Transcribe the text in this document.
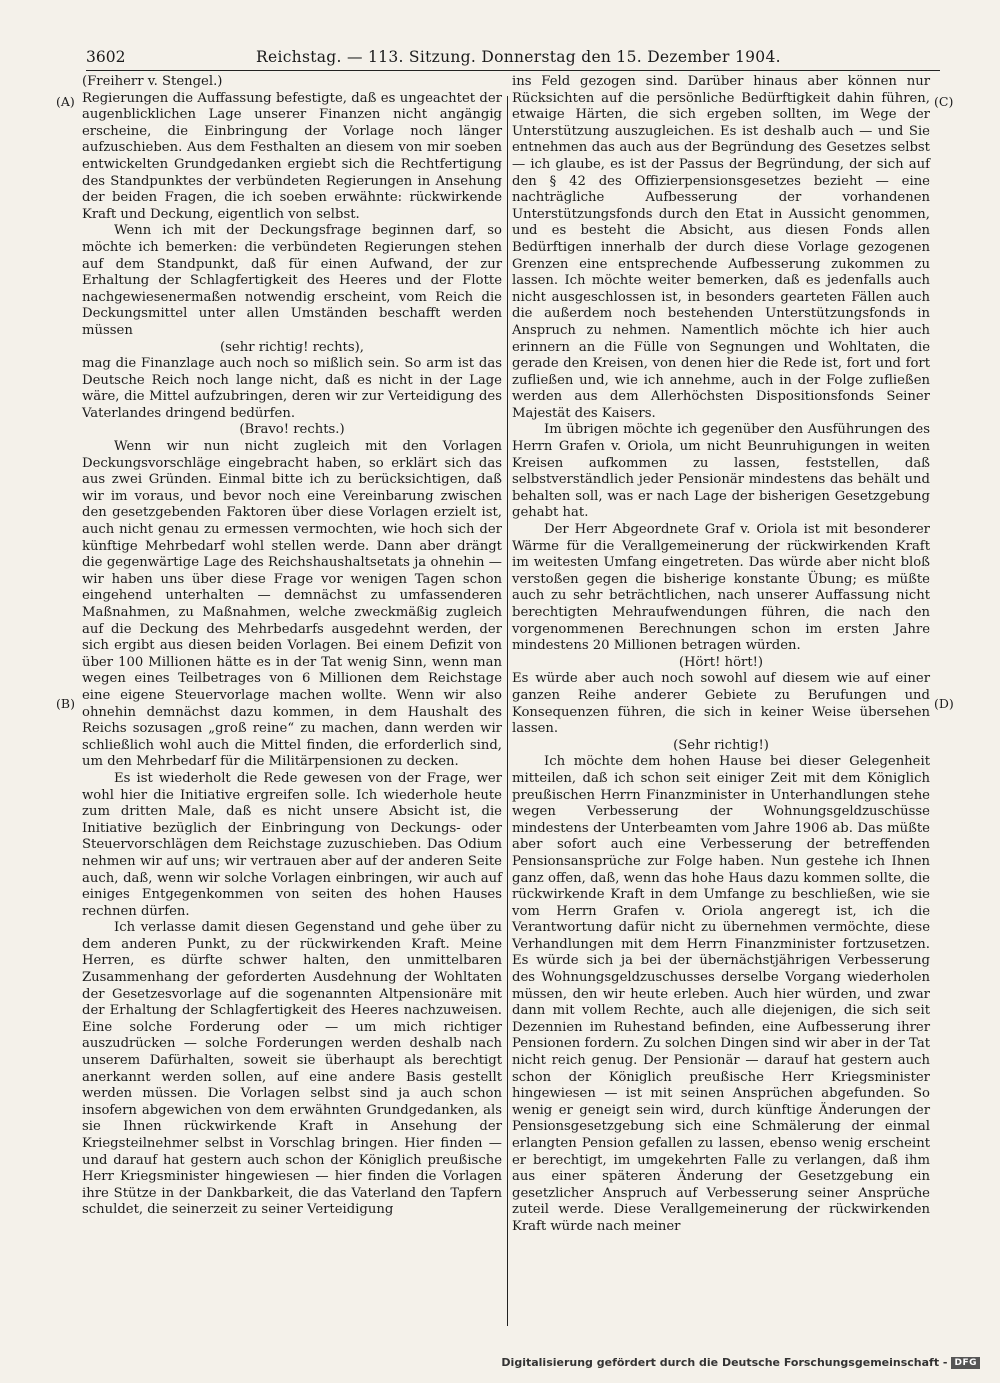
3602	Reichstag. — 113. Sitzung. Donnerstag den 15. Dezember 1904.
(A)
(B)
(C)
(D)

(Freiherr v. Stengel.)

Regierungen die Auffassung befestigte, daß es ungeachtet der augenblicklichen Lage unserer Finanzen nicht angängig erscheine, die Einbringung der Vorlage noch länger aufzuschieben. Aus dem Festhalten an diesem von mir soeben entwickelten Grundgedanken ergiebt sich die Rechtfertigung des Standpunktes der verbündeten Regierungen in Ansehung der beiden Fragen, die ich soeben erwähnte: rückwirkende Kraft und Deckung, eigentlich von selbst.

Wenn ich mit der Deckungsfrage beginnen darf, so möchte ich bemerken: die verbündeten Regierungen stehen auf dem Standpunkt, daß für einen Aufwand, der zur Erhaltung der Schlagfertigkeit des Heeres und der Flotte nachgewiesenermaßen notwendig erscheint, vom Reich die Deckungsmittel unter allen Umständen beschafft werden müssen

(sehr richtig! rechts),

mag die Finanzlage auch noch so mißlich sein. So arm ist das Deutsche Reich noch lange nicht, daß es nicht in der Lage wäre, die Mittel aufzubringen, deren wir zur Verteidigung des Vaterlandes dringend bedürfen.

(Bravo! rechts.)

Wenn wir nun nicht zugleich mit den Vorlagen Deckungsvorschläge eingebracht haben, so erklärt sich das aus zwei Gründen. Einmal bitte ich zu berücksichtigen, daß wir im voraus, und bevor noch eine Vereinbarung zwischen den gesetzgebenden Faktoren über diese Vorlagen erzielt ist, auch nicht genau zu ermessen vermochten, wie hoch sich der künftige Mehrbedarf wohl stellen werde. Dann aber drängt die gegenwärtige Lage des Reichshaushaltsetats ja ohnehin — wir haben uns über diese Frage vor wenigen Tagen schon eingehend unterhalten — demnächst zu umfassenderen Maßnahmen, zu Maßnahmen, welche zweckmäßig zugleich auf die Deckung des Mehrbedarfs ausgedehnt werden, der sich ergibt aus diesen beiden Vorlagen. Bei einem Defizit von über 100 Millionen hätte es in der Tat wenig Sinn, wenn man wegen eines Teilbetrages von 6 Millionen dem Reichstage eine eigene Steuervorlage machen wollte. Wenn wir also ohnehin demnächst dazu kommen, in dem Haushalt des Reichs sozusagen „groß reine“ zu machen, dann werden wir schließlich wohl auch die Mittel finden, die erforderlich sind, um den Mehrbedarf für die Militärpensionen zu decken.

Es ist wiederholt die Rede gewesen von der Frage, wer wohl hier die Initiative ergreifen solle. Ich wiederhole heute zum dritten Male, daß es nicht unsere Absicht ist, die Initiative bezüglich der Einbringung von Deckungs- oder Steuervorschlägen dem Reichstage zuzuschieben. Das Odium nehmen wir auf uns; wir vertrauen aber auf der anderen Seite auch, daß, wenn wir solche Vorlagen einbringen, wir auch auf einiges Entgegenkommen von seiten des hohen Hauses rechnen dürfen.

Ich verlasse damit diesen Gegenstand und gehe über zu dem anderen Punkt, zu der rückwirkenden Kraft. Meine Herren, es dürfte schwer halten, den unmittelbaren Zusammenhang der geforderten Ausdehnung der Wohltaten der Gesetzesvorlage auf die sogenannten Altpensionäre mit der Erhaltung der Schlagfertigkeit des Heeres nachzuweisen. Eine solche Forderung oder — um mich richtiger auszudrücken — solche Forderungen werden deshalb nach unserem Dafürhalten, soweit sie überhaupt als berechtigt anerkannt werden sollen, auf eine andere Basis gestellt werden müssen. Die Vorlagen selbst sind ja auch schon insofern abgewichen von dem erwähnten Grundgedanken, als sie Ihnen rückwirkende Kraft in Ansehung der Kriegsteilnehmer selbst in Vorschlag bringen. Hier finden — und darauf hat gestern auch schon der Königlich preußische Herr Kriegsminister hingewiesen — hier finden die Vorlagen ihre Stütze in der Dankbarkeit, die das Vaterland den Tapfern schuldet, die seinerzeit zu seiner Verteidigung

ins Feld gezogen sind. Darüber hinaus aber können nur Rücksichten auf die persönliche Bedürftigkeit dahin führen, etwaige Härten, die sich ergeben sollten, im Wege der Unterstützung auszugleichen. Es ist deshalb auch — und Sie entnehmen das auch aus der Begründung des Gesetzes selbst — ich glaube, es ist der Passus der Begründung, der sich auf den § 42 des Offizierpensionsgesetzes bezieht — eine nachträgliche Aufbesserung der vorhandenen Unterstützungsfonds durch den Etat in Aussicht genommen, und es besteht die Absicht, aus diesen Fonds allen Bedürftigen innerhalb der durch diese Vorlage gezogenen Grenzen eine entsprechende Aufbesserung zukommen zu lassen. Ich möchte weiter bemerken, daß es jedenfalls auch nicht ausgeschlossen ist, in besonders gearteten Fällen auch die außerdem noch bestehenden Unterstützungsfonds in Anspruch zu nehmen. Namentlich möchte ich hier auch erinnern an die Fülle von Segnungen und Wohltaten, die gerade den Kreisen, von denen hier die Rede ist, fort und fort zufließen und, wie ich annehme, auch in der Folge zufließen werden aus dem Allerhöchsten Dispositionsfonds Seiner Majestät des Kaisers.

Im übrigen möchte ich gegenüber den Ausführungen des Herrn Grafen v. Oriola, um nicht Beunruhigungen in weiten Kreisen aufkommen zu lassen, feststellen, daß selbstverständlich jeder Pensionär mindestens das behält und behalten soll, was er nach Lage der bisherigen Gesetzgebung gehabt hat.

Der Herr Abgeordnete Graf v. Oriola ist mit besonderer Wärme für die Verallgemeinerung der rückwirkenden Kraft im weitesten Umfang eingetreten. Das würde aber nicht bloß verstoßen gegen die bisherige konstante Übung; es müßte auch zu sehr beträchtlichen, nach unserer Auffassung nicht berechtigten Mehraufwendungen führen, die nach den vorgenommenen Berechnungen schon im ersten Jahre mindestens 20 Millionen betragen würden.

(Hört! hört!)

Es würde aber auch noch sowohl auf diesem wie auf einer ganzen Reihe anderer Gebiete zu Berufungen und Konsequenzen führen, die sich in keiner Weise übersehen lassen.

(Sehr richtig!)

Ich möchte dem hohen Hause bei dieser Gelegenheit mitteilen, daß ich schon seit einiger Zeit mit dem Königlich preußischen Herrn Finanzminister in Unterhandlungen stehe wegen Verbesserung der Wohnungsgeldzuschüsse mindestens der Unterbeamten vom Jahre 1906 ab. Das müßte aber sofort auch eine Verbesserung der betreffenden Pensionsansprüche zur Folge haben. Nun gestehe ich Ihnen ganz offen, daß, wenn das hohe Haus dazu kommen sollte, die rückwirkende Kraft in dem Umfange zu beschließen, wie sie vom Herrn Grafen v. Oriola angeregt ist, ich die Verantwortung dafür nicht zu übernehmen vermöchte, diese Verhandlungen mit dem Herrn Finanzminister fortzusetzen. Es würde sich ja bei der übernächstjährigen Verbesserung des Wohnungsgeldzuschusses derselbe Vorgang wiederholen müssen, den wir heute erleben. Auch hier würden, und zwar dann mit vollem Rechte, auch alle diejenigen, die sich seit Dezennien im Ruhestand befinden, eine Aufbesserung ihrer Pensionen fordern. Zu solchen Dingen sind wir aber in der Tat nicht reich genug. Der Pensionär — darauf hat gestern auch schon der Königlich preußische Herr Kriegsminister hingewiesen — ist mit seinen Ansprüchen abgefunden. So wenig er geneigt sein wird, durch künftige Änderungen der Pensionsgesetzgebung sich eine Schmälerung der einmal erlangten Pension gefallen zu lassen, ebenso wenig erscheint er berechtigt, im umgekehrten Falle zu verlangen, daß ihm aus einer späteren Änderung der Gesetzgebung ein gesetzlicher Anspruch auf Verbesserung seiner Ansprüche zuteil werde. Diese Verallgemeinerung der rückwirkenden Kraft würde nach meiner

Digitalisierung gefördert durch die Deutsche Forschungsgemeinschaft - DFG
